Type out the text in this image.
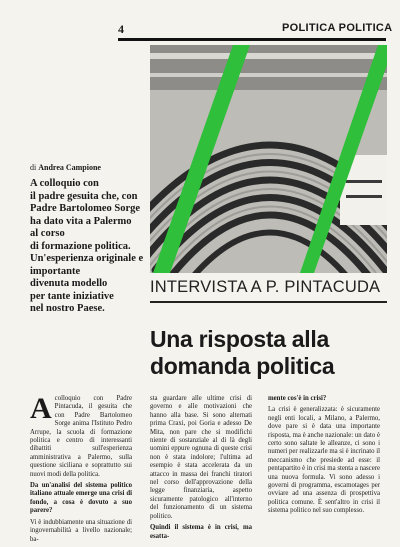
4	POLITICA POLITICA
di Andrea Campione
A colloquio con
il padre gesuita che, con
Padre Bartolomeo Sorge
ha dato vita a Palermo
al corso
di formazione politica.
Un'esperienza originale e
importante
divenuta modello
per tante iniziative
nel nostro Paese.
INTERVISTA A P. PINTACUDA
Una risposta alla
domanda politica

A colloquio con Padre Pintacuda, il gesuita che con Padre Bartolomeo Sorge anima l'Istituto Pedro Arrupe, la scuola di formazione politica e centro di interessanti dibattiti sull'esperienza amministrativa a Palermo, sulla questione siciliana e soprattutto sui nuovi modi della politica.

Da un'analisi del sistema politico italiano attuale emerge una crisi di fondo, a cosa è dovuto a suo parere?

Vi è indubbiamente una situazione di ingovernabilità a livello nazionale; ba-

sta guardare alle ultime crisi di governo e alle motivazioni che hanno alla base. Si sono alternati prima Craxi, poi Goria e adesso De Mita, non pare che si modifichi niente di sostanziale al di là degli uomini eppure ognuna di queste crisi non è stata indolore; l'ultima ad esempio è stata accelerata da un attacco in massa dei franchi tiratori nel corso dell'approvazione della legge finanziaria, aspetto sicuramente patologico all'interno del funzionamento di un sistema politico.

Quindi il sistema è in crisi, ma esatta-

mente cos'è in crisi?

La crisi è generalizzata: è sicuramente negli enti locali, a Milano, a Palermo, dove pare si è data una importante risposta, ma è anche nazionale: un dato è certo sono saltate le alleanze, ci sono i numeri per realizzarle ma si è incrinato il meccanismo che presiede ad esse: il pentapartito è in crisi ma stenta a nascere una nuova formula. Vi sono adesso i governi di programma, escamotages per ovviare ad una assenza di prospettiva politica comune. È sent'altro in crisi il sistema politico nel suo complesso.
